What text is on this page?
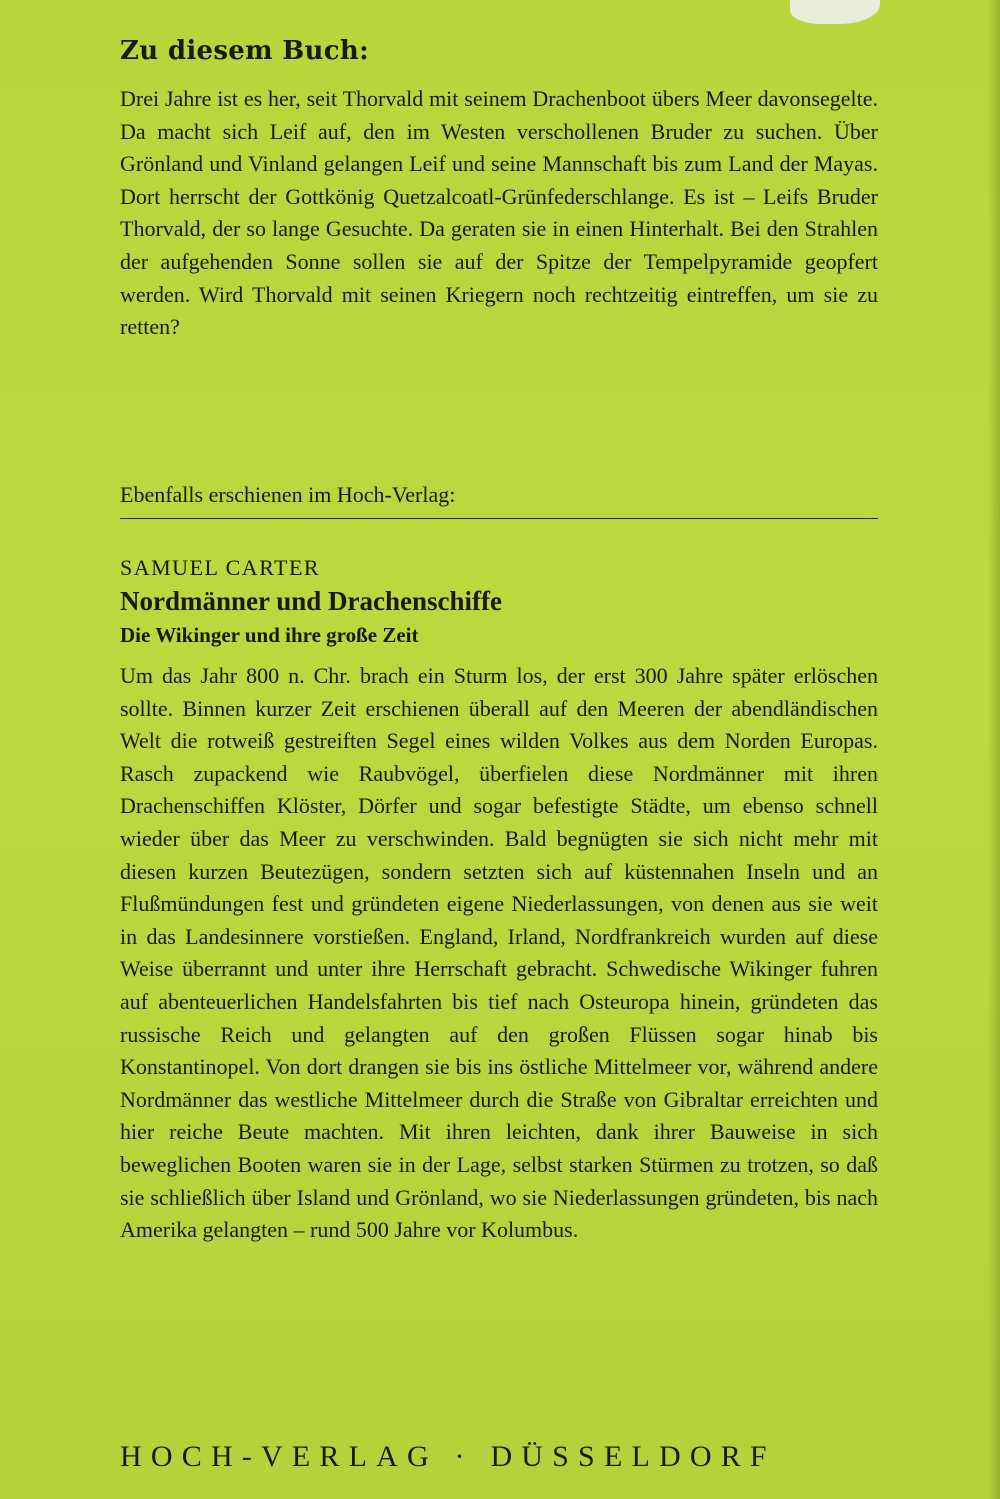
Zu diesem Buch:

Drei Jahre ist es her, seit Thorvald mit seinem Drachenboot übers Meer davonsegelte. Da macht sich Leif auf, den im Westen verschollenen Bruder zu suchen. Über Grönland und Vinland gelangen Leif und seine Mannschaft bis zum Land der Mayas. Dort herrscht der Gottkönig Quetzalcoatl-Grünfederschlange. Es ist – Leifs Bruder Thorvald, der so lange Gesuchte. Da geraten sie in einen Hinterhalt. Bei den Strahlen der aufgehenden Sonne sollen sie auf der Spitze der Tempelpyramide geopfert werden. Wird Thorvald mit seinen Kriegern noch rechtzeitig eintreffen, um sie zu retten?

Ebenfalls erschienen im Hoch-Verlag:

SAMUEL CARTER

Nordmänner und Drachenschiffe

Die Wikinger und ihre große Zeit

Um das Jahr 800 n. Chr. brach ein Sturm los, der erst 300 Jahre später erlöschen sollte. Binnen kurzer Zeit erschienen überall auf den Meeren der abendländischen Welt die rotweiß gestreiften Segel eines wilden Volkes aus dem Norden Europas. Rasch zupackend wie Raubvögel, überfielen diese Nordmänner mit ihren Drachenschiffen Klöster, Dörfer und sogar befestigte Städte, um ebenso schnell wieder über das Meer zu verschwinden. Bald begnügten sie sich nicht mehr mit diesen kurzen Beutezügen, sondern setzten sich auf küstennahen Inseln und an Flußmündungen fest und gründeten eigene Niederlassungen, von denen aus sie weit in das Landesinnere vorstießen. England, Irland, Nordfrankreich wurden auf diese Weise überrannt und unter ihre Herrschaft gebracht. Schwedische Wikinger fuhren auf abenteuerlichen Handelsfahrten bis tief nach Osteuropa hinein, gründeten das russische Reich und gelangten auf den großen Flüssen sogar hinab bis Konstantinopel. Von dort drangen sie bis ins östliche Mittelmeer vor, während andere Nordmänner das westliche Mittelmeer durch die Straße von Gibraltar erreichten und hier reiche Beute machten. Mit ihren leichten, dank ihrer Bauweise in sich beweglichen Booten waren sie in der Lage, selbst starken Stürmen zu trotzen, so daß sie schließlich über Island und Grönland, wo sie Niederlassungen gründeten, bis nach Amerika gelangten – rund 500 Jahre vor Kolumbus.

HOCH-VERLAG · DÜSSELDORF
